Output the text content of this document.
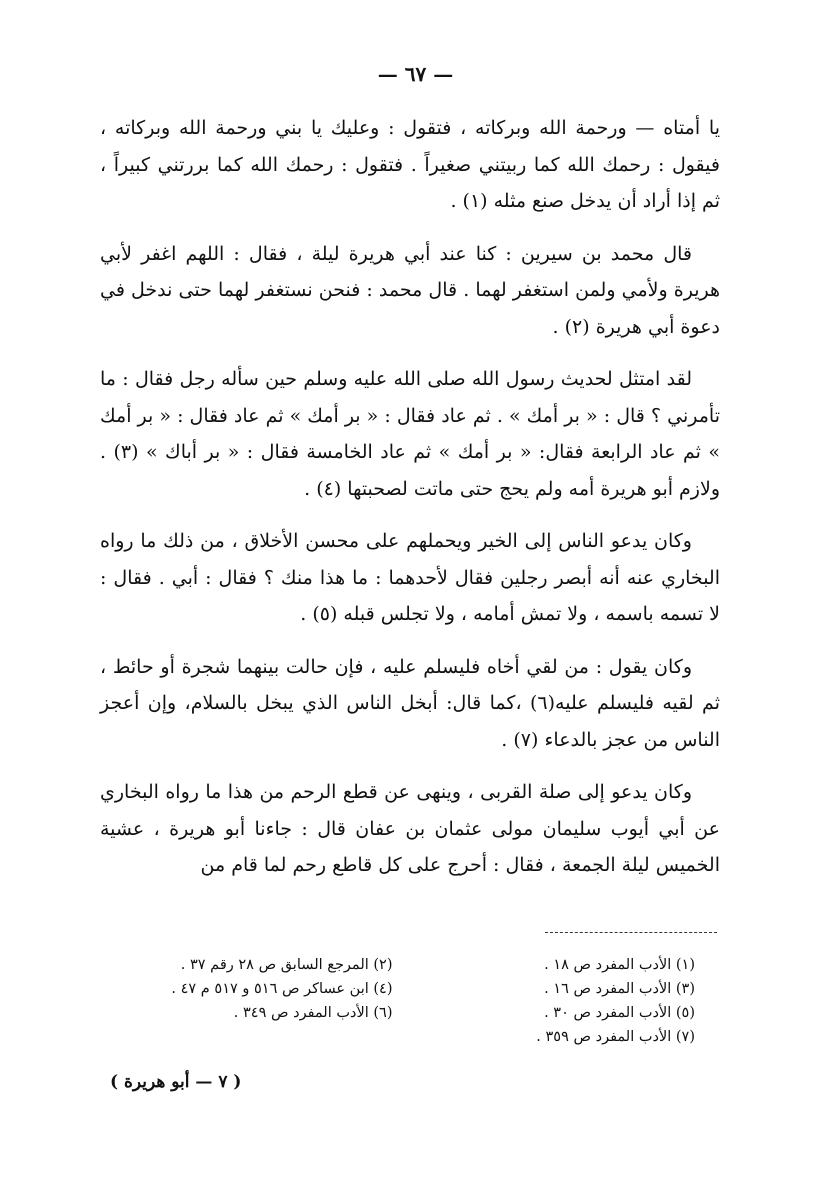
— ٦٧ —

يا أمتاه — ورحمة الله وبركاته ، فتقول : وعليك يا بني ورحمة الله وبركاته ، فيقول : رحمك الله كما ربيتني صغيراً . فتقول : رحمك الله كما بررتني كبيراً ، ثم إذا أراد أن يدخل صنع مثله (١) .

قال محمد بن سيرين : كنا عند أبي هريرة ليلة ، فقال : اللهم اغفر لأبي هريرة ولأمي ولمن استغفر لهما . قال محمد : فنحن نستغفر لهما حتى ندخل في دعوة أبي هريرة (٢) .

لقد امتثل لحديث رسول الله صلى الله عليه وسلم حين سأله رجل فقال : ما تأمرني ؟ قال : « بر أمك » . ثم عاد فقال : « بر أمك » ثم عاد فقال : « بر أمك » ثم عاد الرابعة فقال: « بر أمك » ثم عاد الخامسة فقال : « بر أباك » (٣) . ولازم أبو هريرة أمه ولم يحج حتى ماتت لصحبتها (٤) .

وكان يدعو الناس إلى الخير ويحملهم على محسن الأخلاق ، من ذلك ما رواه البخاري عنه أنه أبصر رجلين فقال لأحدهما : ما هذا منك ؟ فقال : أبي . فقال : لا تسمه باسمه ، ولا تمش أمامه ، ولا تجلس قبله (٥) .

وكان يقول : من لقي أخاه فليسلم عليه ، فإن حالت بينهما شجرة أو حائط ، ثم لقيه فليسلم عليه(٦) ،كما قال: أبخل الناس الذي يبخل بالسلام، وإن أعجز الناس من عجز بالدعاء (٧) .

وكان يدعو إلى صلة القربى ، وينهى عن قطع الرحم من هذا ما رواه البخاري عن أبي أيوب سليمان مولى عثمان بن عفان قال : جاءنا أبو هريرة ، عشية الخميس ليلة الجمعة ، فقال : أحرج على كل قاطع رحم لما قام من

(١) الأدب المفرد ص ١٨ .
(٢) المرجع السابق ص ٢٨ رقم ٣٧ .
(٣) الأدب المفرد ص ١٦ .
(٤) ابن عساكر ص ٥١٦ و ٥١٧ م ٤٧ .
(٥) الأدب المفرد ص ٣٠ .
(٦) الأدب المفرد ص ٣٤٩ .
(٧) الأدب المفرد ص ٣٥٩ .
( ٧ — أبو هريرة )
